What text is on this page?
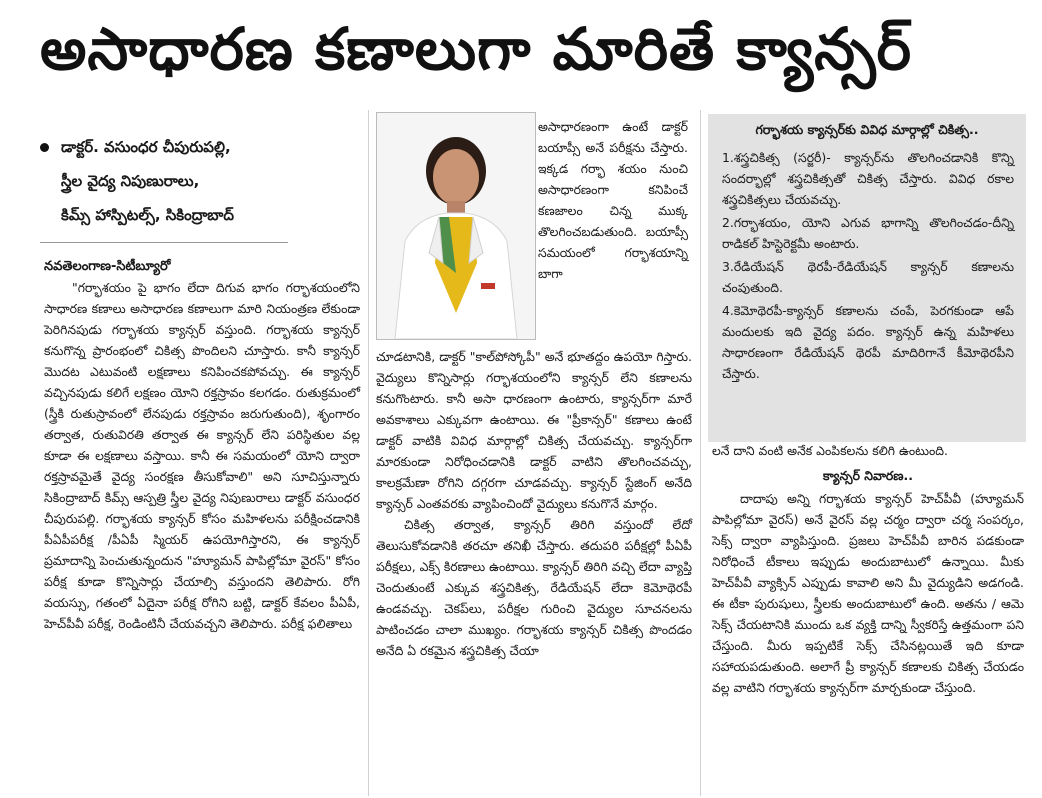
అసాధారణ కణాలుగా మారితే క్యాన్సర్
డాక్టర్‌. వసుంధర చీపురుపల్లి,
స్త్రీల వైద్య నిపుణురాలు,
కిమ్స్‌ హాస్పిటల్స్‌, సికింద్రాబాద్‌

నవతెలంగాణ-సిటీబ్యూరో

"గర్భాశయం పై భాగం లేదా దిగువ భాగం గర్భాశయంలోని సాధారణ కణాలు అసాధారణ కణాలుగా మారి నియంత్రణ లేకుండా పెరిగినపుడు గర్భాశయ క్యాన్సర్‌ వస్తుంది. గర్భాశయ క్యాన్సర్‌ కనుగొన్న ప్రారంభంలో చికిత్స పొందిలని చూస్తారు. కానీ క్యాన్సర్‌ మొదట ఎటువంటి లక్షణాలు కనిపించకపోవచ్చు. ఈ క్యాన్సర్‌ వచ్చినపుడు కలిగే లక్షణం యోని రక్తస్రావం కలగడం. రుతుక్రమంలో (స్త్రీకి రుతుస్రావంలో లేనపుడు రక్తస్రావం జరుగుతుంది), శృంగారం తర్వాత, రుతువిరతి తర్వాత ఈ క్యాన్సర్‌ లేని పరిస్థితుల వల్ల కూడా ఈ లక్షణాలు వస్తాయి. కానీ ఈ సమయంలో యోని ద్వారా రక్తస్రావమైతే వైద్య సంరక్షణ తీసుకోవాలి" అని సూచిస్తున్నారు సికింద్రాబాద్‌ కిమ్స్‌ ఆస్పత్రి స్త్రీల వైద్య నిపుణురాలు డాక్టర్‌ వసుంధర చీపురుపల్లి. గర్భాశయ క్యాన్సర్‌ కోసం మహిళలను పరీక్షించడానికి పీఏపీపరీక్ష /పీఏపీ స్మియర్‌ ఉపయోగిస్తారని, ఈ క్యాన్సర్‌ ప్రమాదాన్ని పెంచుతున్నందున "హ్యూమన్‌ పాపిల్లోమా వైరస్‌" కోసం పరీక్ష కూడా కొన్నిసార్లు చేయాల్సి వస్తుందని తెలిపారు. రోగి వయస్సు, గతంలో ఏదైనా పరీక్ష రోగిని బట్టి, డాక్టర్‌ కేవలం పీఏపీ, హెచ్‌పీవీ పరీక్ష, రెండింటినీ చేయవచ్చని తెలిపారు. పరీక్ష ఫలితాలు

అసాధారణంగా ఉంటే డాక్టర్‌ బయాప్సీ అనే పరీక్షను చేస్తారు. ఇక్కడ గర్భా శయం నుంచి అసాధారణంగా కనిపించే కణజాలం చిన్న ముక్క తొలగించబడుతుంది. బయాప్సీ సమయంలో గర్భాశయాన్ని బాగా

చూడటానికి, డాక్టర్‌ "కాల్‌పోస్కోపీ" అనే భూతద్దం ఉపయో గిస్తారు. వైద్యులు కొన్నిసార్లు గర్భాశయంలోని క్యాన్సర్‌ లేని కణాలను కనుగొంటారు. కానీ అసా ధారణంగా ఉంటారు, క్యాన్సర్‌గా మారే అవకాశాలు ఎక్కువగా ఉంటాయి. ఈ "ప్రీకాన్సర్‌" కణాలు ఉంటే డాక్టర్‌ వాటికి వివిధ మార్గాల్లో చికిత్స చేయవచ్చు. క్యాన్సర్‌గా మారకుండా నిరోధించడానికి డాక్టర్‌ వాటిని తొలగించవచ్చు, కాలక్రమేణా రోగిని దగ్గరగా చూడవచ్చు. క్యాన్సర్‌ స్టేజింగ్‌ అనేది క్యాన్సర్‌ ఎంతవరకు వ్యాపించిందో వైద్యులు కనుగొనే మార్గం.

చికిత్స తర్వాత, క్యాన్సర్‌ తిరిగి వస్తుందో లేదో తెలుసుకోవడానికి తరచూ తనిఖీ చేస్తారు. తదుపరి పరీక్షల్లో పీఏపీ పరీక్షలు, ఎక్స్‌ కిరణాలు ఉంటాయి. క్యాన్సర్‌ తిరిగి వచ్చి లేదా వ్యాప్తి చెందుతుంటే ఎక్కువ శస్త్రచికిత్స, రేడియేషన్‌ లేదా కెమోథెరపీ ఉండవచ్చు. చెకప్‌లు, పరీక్షల గురించి వైద్యుల సూచనలను పాటించడం చాలా ముఖ్యం. గర్భాశయ క్యాన్సర్‌ చికిత్స పొందడం అనేది ఏ రకమైన శస్త్రచికిత్స చేయా

గర్భాశయ క్యాన్సర్‌కు వివిధ మార్గాల్లో చికిత్స..
1.శస్త్రచికిత్స (సర్జరీ)- క్యాన్సర్‌ను తొలగించడానికి కొన్ని సందర్భాల్లో శస్త్రచికిత్సతో చికిత్స చేస్తారు. వివిధ రకాల శస్త్రచికిత్సలు చేయవచ్చు.
2.గర్భాశయం, యోని ఎగువ భాగాన్ని తొలగించడం-దీన్ని రాడికల్‌ హిస్టెరెక్టమీ అంటారు.
3.రేడియేషన్‌ థెరపీ-రేడియేషన్‌ క్యాన్సర్‌ కణాలను చంపుతుంది.
4.కెమోథెరపీ-క్యాన్సర్‌ కణాలను చంపే, పెరగకుండా ఆపే మందులకు ఇది వైద్య పదం. క్యాన్సర్‌ ఉన్న మహిళలు సాధారణంగా రేడియేషన్‌ థెరపీ మాదిరిగానే కీమోథెరపీని చేస్తారు.

లనే దాని వంటి అనేక ఎంపికలను కలిగి ఉంటుంది.

క్యాన్సర్‌ నివారణ..

దాదాపు అన్ని గర్భాశయ క్యాన్సర్‌ హెచ్‌పీవీ (హ్యూమన్‌ పాపిల్లోమా వైరస్‌) అనే వైరస్‌ వల్ల చర్మం ద్వారా చర్మ సంపర్కం, సెక్స్‌ ద్వారా వ్యాపిస్తుంది. ప్రజలు హెచ్‌పీవీ బారిన పడకుండా నిరోధించే టీకాలు ఇప్పుడు అందుబాటులో ఉన్నాయి. మీకు హెచ్‌పీవీ వ్యాక్సిన్‌ ఎప్పుడు కావాలి అని మీ వైద్యుడిని అడగండి. ఈ టీకా పురుషులు, స్త్రీలకు అందుబాటులో ఉంది. అతను / ఆమె సెక్స్‌ చేయటానికి ముందు ఒక వ్యక్తి దాన్ని స్వీకరిస్తే ఉత్తమంగా పని చేస్తుంది. మీరు ఇప్పటికే సెక్స్‌ చేసినట్లయితే ఇది కూడా సహాయపడుతుంది. అలాగే ప్రీ క్యాన్సర్‌ కణాలకు చికిత్స చేయడం వల్ల వాటిని గర్భాశయ క్యాన్సర్‌గా మార్చకుండా చేస్తుంది.
